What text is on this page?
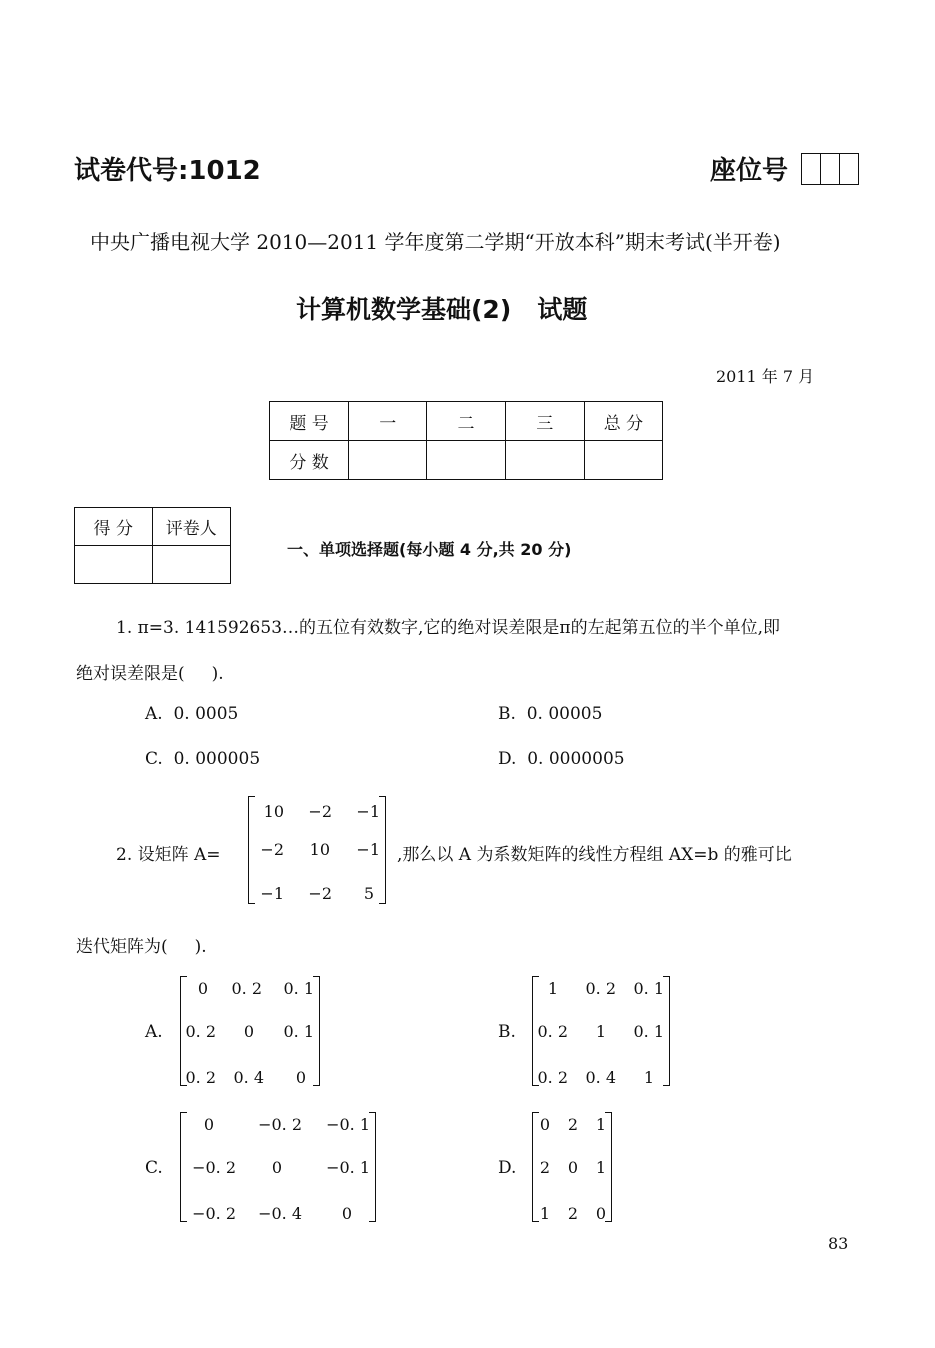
试卷代号:1012	座位号
中央广播电视大学 2010—2011 学年度第二学期“开放本科”期末考试(半开卷)
计算机数学基础(2)   试题
2011 年 7 月
题 号	一	二	三	总 分
分 数				
得 分	评卷人

一、单项选择题(每小题 4 分,共 20 分)
1. π=3. 141592653…的五位有效数字,它的绝对误差限是π的左起第五位的半个单位,即
绝对误差限是(     ).
A.  0. 0005	B.  0. 00005
C.  0. 000005	D.  0. 0000005
2. 设矩阵 A=
10	−2	−1
−2	10	−1
−1	−2	5
,那么以 A 为系数矩阵的线性方程组 AX=b 的雅可比
迭代矩阵为(     ).
A.
0	0. 2	0. 1
0. 2	0	0. 1
0. 2	0. 4	0
B.
1	0. 2	0. 1
0. 2	1	0. 1
0. 2	0. 4	1
C.
0	−0. 2	−0. 1
−0. 2	0	−0. 1
−0. 2	−0. 4	0
D.
0	2	1
2	0	1
1	2	0
83
